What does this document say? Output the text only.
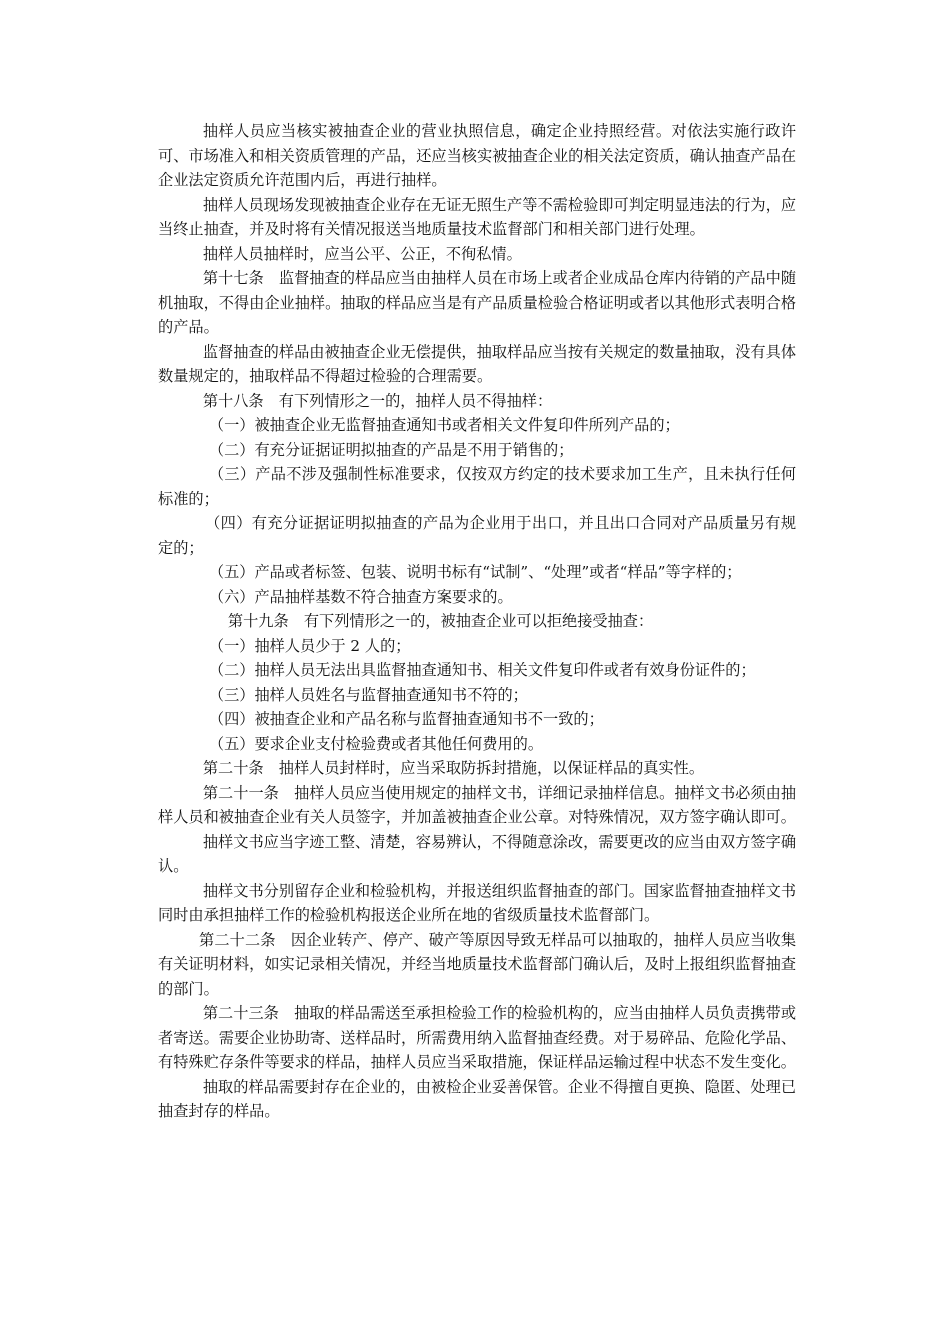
抽样人员应当核实被抽查企业的营业执照信息，确定企业持照经营。对依法实施行政许可、市场准入和相关资质管理的产品，还应当核实被抽查企业的相关法定资质，确认抽查产品在企业法定资质允许范围内后，再进行抽样。

抽样人员现场发现被抽查企业存在无证无照生产等不需检验即可判定明显违法的行为，应当终止抽查，并及时将有关情况报送当地质量技术监督部门和相关部门进行处理。

抽样人员抽样时，应当公平、公正，不徇私情。

第十七条　监督抽查的样品应当由抽样人员在市场上或者企业成品仓库内待销的产品中随机抽取，不得由企业抽样。抽取的样品应当是有产品质量检验合格证明或者以其他形式表明合格的产品。

监督抽查的样品由被抽查企业无偿提供，抽取样品应当按有关规定的数量抽取，没有具体数量规定的，抽取样品不得超过检验的合理需要。

第十八条　有下列情形之一的，抽样人员不得抽样：

（一）被抽查企业无监督抽查通知书或者相关文件复印件所列产品的；

（二）有充分证据证明拟抽查的产品是不用于销售的；

（三）产品不涉及强制性标准要求，仅按双方约定的技术要求加工生产，且未执行任何标准的；

（四）有充分证据证明拟抽查的产品为企业用于出口，并且出口合同对产品质量另有规定的；

（五）产品或者标签、包装、说明书标有“试制”、“处理”或者“样品”等字样的；

（六）产品抽样基数不符合抽查方案要求的。

第十九条　有下列情形之一的，被抽查企业可以拒绝接受抽查：

（一）抽样人员少于 2 人的；

（二）抽样人员无法出具监督抽查通知书、相关文件复印件或者有效身份证件的；

（三）抽样人员姓名与监督抽查通知书不符的；

（四）被抽查企业和产品名称与监督抽查通知书不一致的；

（五）要求企业支付检验费或者其他任何费用的。

第二十条　抽样人员封样时，应当采取防拆封措施，以保证样品的真实性。

第二十一条　抽样人员应当使用规定的抽样文书，详细记录抽样信息。抽样文书必须由抽样人员和被抽查企业有关人员签字，并加盖被抽查企业公章。对特殊情况，双方签字确认即可。

抽样文书应当字迹工整、清楚，容易辨认，不得随意涂改，需要更改的应当由双方签字确认。

抽样文书分别留存企业和检验机构，并报送组织监督抽查的部门。国家监督抽查抽样文书同时由承担抽样工作的检验机构报送企业所在地的省级质量技术监督部门。

第二十二条　因企业转产、停产、破产等原因导致无样品可以抽取的，抽样人员应当收集有关证明材料，如实记录相关情况，并经当地质量技术监督部门确认后，及时上报组织监督抽查的部门。

第二十三条　抽取的样品需送至承担检验工作的检验机构的，应当由抽样人员负责携带或者寄送。需要企业协助寄、送样品时，所需费用纳入监督抽查经费。对于易碎品、危险化学品、有特殊贮存条件等要求的样品，抽样人员应当采取措施，保证样品运输过程中状态不发生变化。

抽取的样品需要封存在企业的，由被检企业妥善保管。企业不得擅自更换、隐匿、处理已抽查封存的样品。
